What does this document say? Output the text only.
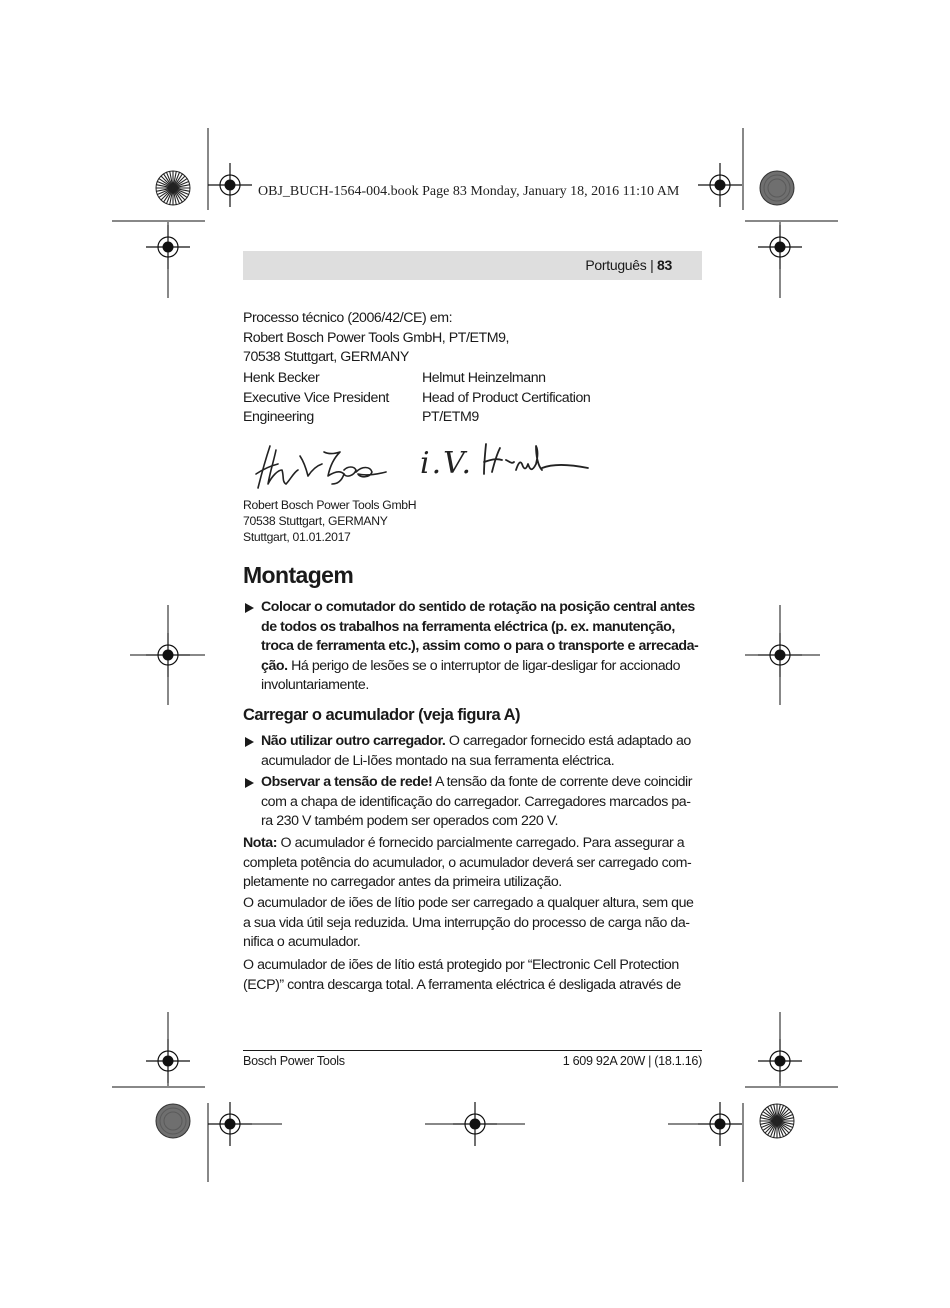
OBJ_BUCH-1564-004.book Page 83 Monday, January 18, 2016 11:10 AM
Português | 83
Processo técnico (2006/42/CE) em:
Robert Bosch Power Tools GmbH, PT/ETM9,
70538 Stuttgart, GERMANY
Henk Becker
Executive Vice President
Engineering
Helmut Heinzelmann
Head of Product Certification
PT/ETM9
i.V.
Robert Bosch Power Tools GmbH
70538 Stuttgart, GERMANY
Stuttgart, 01.01.2017
Montagem
Colocar o comutador do sentido de rotação na posição central antes
de todos os trabalhos na ferramenta eléctrica (p. ex. manutenção,
troca de ferramenta etc.), assim como o para o transporte e arrecada-
ção. Há perigo de lesões se o interruptor de ligar-desligar for accionado
involuntariamente.
Carregar o acumulador (veja figura A)
Não utilizar outro carregador. O carregador fornecido está adaptado ao
acumulador de Li-Iões montado na sua ferramenta eléctrica.
Observar a tensão de rede! A tensão da fonte de corrente deve coincidir
com a chapa de identificação do carregador. Carregadores marcados pa-
ra 230 V também podem ser operados com 220 V.
Nota: O acumulador é fornecido parcialmente carregado. Para assegurar a
completa potência do acumulador, o acumulador deverá ser carregado com-
pletamente no carregador antes da primeira utilização.
O acumulador de iões de lítio pode ser carregado a qualquer altura, sem que
a sua vida útil seja reduzida. Uma interrupção do processo de carga não da-
nifica o acumulador.
O acumulador de iões de lítio está protegido por “Electronic Cell Protection
(ECP)” contra descarga total. A ferramenta eléctrica é desligada através de
Bosch Power Tools	1 609 92A 20W | (18.1.16)
